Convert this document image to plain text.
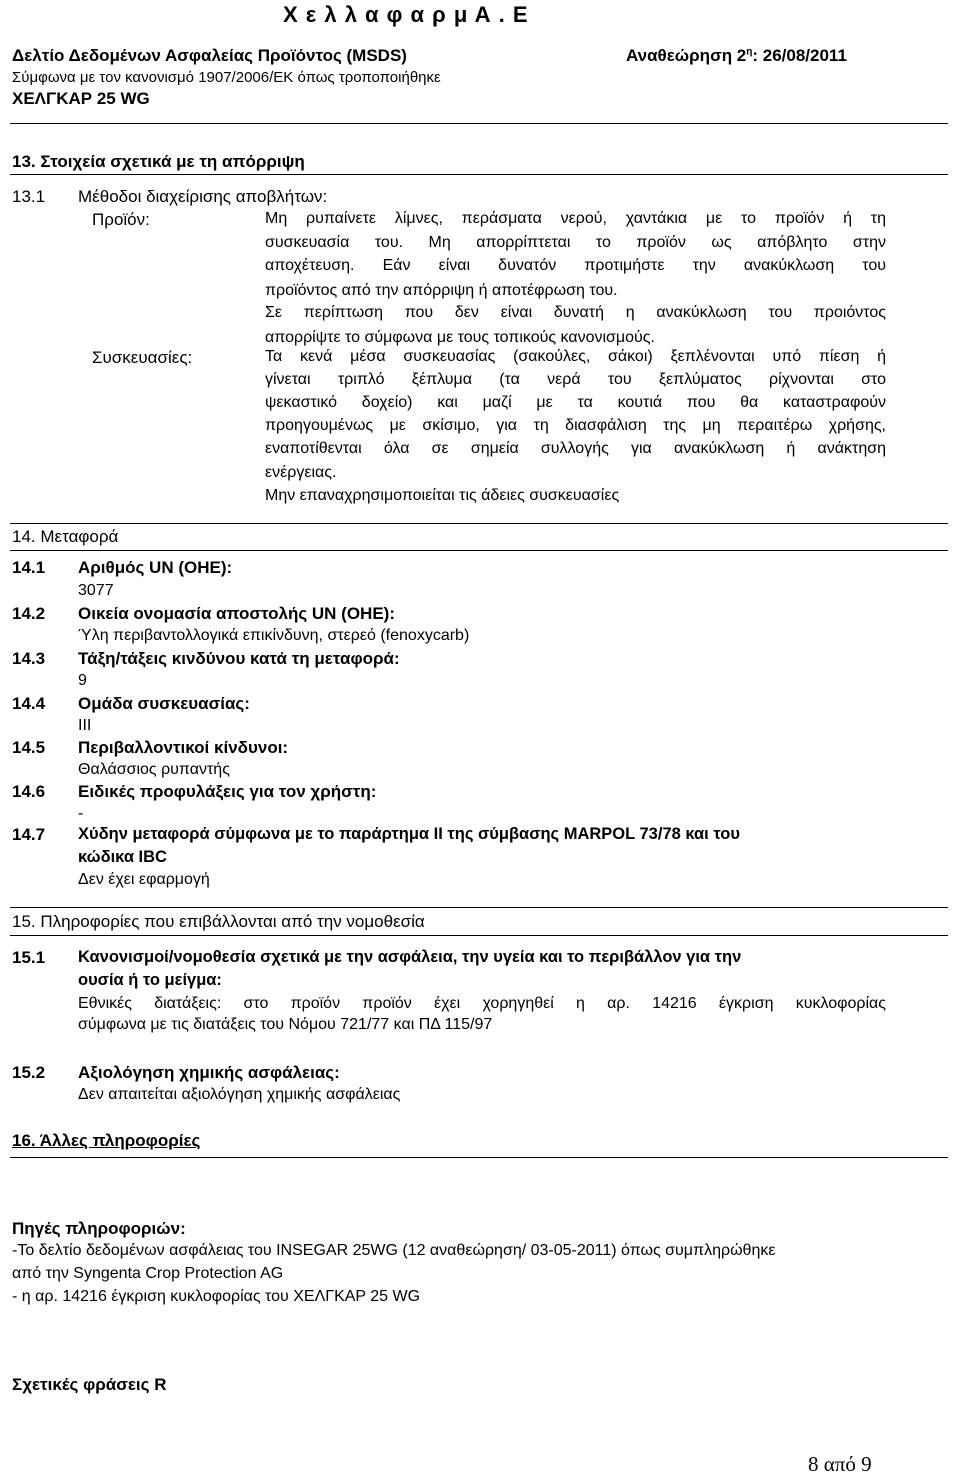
Χ ε λ λ α φ α ρ μ Α . Ε
Δελτίο Δεδομένων Ασφαλείας Προϊόντος (MSDS)	Αναθεώρηση $2^\eta$: 26/08/2011
Σύμφωνα με τον κανονισμό 1907/2006/ΕΚ όπως τροποποιήθηκε
ΧΕΛΓΚΑΡ 25 WG
13. Στοιχεία σχετικά με τη απόρριψη
13.1 Μέθοδοι διαχείρισης αποβλήτων:
Προϊόν:	Μη ρυπαίνετε λίμνες, περάσματα νερού, χαντάκια με το προϊόν ή τη
συσκευασία του. Μη απορρίπτεται το προϊόν ως απόβλητο στην
αποχέτευση. Εάν είναι δυνατόν προτιμήστε την ανακύκλωση του
προϊόντος από την απόρριψη ή αποτέφρωση του.
Σε περίπτωση που δεν είναι δυνατή η ανακύκλωση του προιόντος
απορρίψτε το σύμφωνα με τους τοπικούς κανονισμούς.
Συσκευασίες:	Τα κενά μέσα συσκευασίας (σακούλες, σάκοι) ξεπλένονται υπό πίεση ή
γίνεται τριπλό ξέπλυμα (τα νερά του ξεπλύματος ρίχνονται στο
ψεκαστικό δοχείο) και μαζί με τα κουτιά που θα καταστραφούν
προηγουμένως με σκίσιμο, για τη διασφάλιση της μη περαιτέρω χρήσης,
εναποτίθενται όλα σε σημεία συλλογής για ανακύκλωση ή ανάκτηση
ενέργειας.
Μην επαναχρησιμοποιείται τις άδειες συσκευασίες
14. Μεταφορά
14.1 Αριθμός UN (ΟΗΕ):
3077
14.2 Οικεία ονομασία αποστολής UN (ΟΗΕ):
Ύλη περιβαντολλογικά επικίνδυνη, στερεό (fenoxycarb)
14.3 Τάξη/τάξεις κινδύνου κατά τη μεταφορά:
9
14.4 Ομάδα συσκευασίας:
III
14.5 Περιβαλλοντικοί κίνδυνοι:
Θαλάσσιος ρυπαντής
14.6 Ειδικές προφυλάξεις για τον χρήστη:
-
14.7 Χύδην μεταφορά σύμφωνα με το παράρτημα II της σύμβασης MARPOL 73/78 και του
κώδικα IBC
Δεν έχει εφαρμογή
15. Πληροφορίες που επιβάλλονται από την νομοθεσία
15.1 Κανονισμοί/νομοθεσία σχετικά με την ασφάλεια, την υγεία και το περιβάλλον για την
ουσία ή το μείγμα:
Εθνικές διατάξεις: στο προϊόν προϊόν έχει χορηγηθεί η αρ. 14216 έγκριση κυκλοφορίας
σύμφωνα με τις διατάξεις του Νόμου 721/77 και ΠΔ 115/97
15.2 Αξιολόγηση χημικής ασφάλειας:
Δεν απαιτείται αξιολόγηση χημικής ασφάλειας
16. Άλλες πληροφορίες
Πηγές πληροφοριών:
-Το δελτίο δεδομένων ασφάλειας του INSEGAR 25WG (12 αναθεώρηση/ 03-05-2011) όπως συμπληρώθηκε
από την Syngenta Crop Protection AG
- η αρ. 14216 έγκριση κυκλοφορίας του ΧΕΛΓΚΑΡ 25 WG
Σχετικές φράσεις R
8 από 9
